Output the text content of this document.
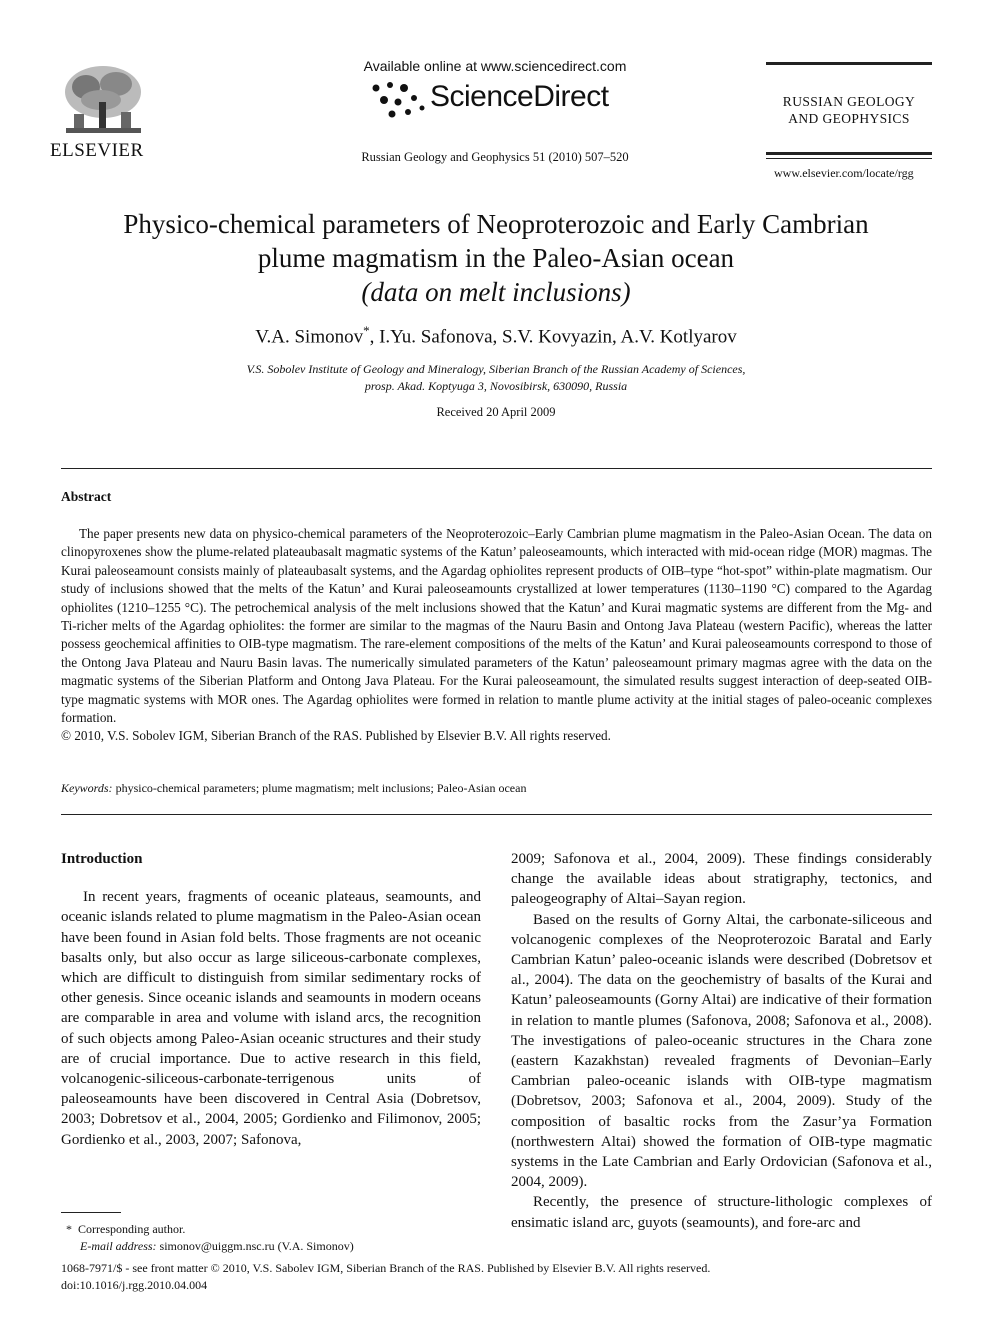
ELSEVIER
Available online at www.sciencedirect.com
ScienceDirect
Russian Geology and Geophysics 51 (2010) 507–520
RUSSIAN GEOLOGY
AND GEOPHYSICS
www.elsevier.com/locate/rgg
Physico-chemical parameters of Neoproterozoic and Early Cambrian
plume magmatism in the Paleo-Asian ocean
(data on melt inclusions)
V.A. Simonov*, I.Yu. Safonova, S.V. Kovyazin, A.V. Kotlyarov
V.S. Sobolev Institute of Geology and Mineralogy, Siberian Branch of the Russian Academy of Sciences,
prosp. Akad. Koptyuga 3, Novosibirsk, 630090, Russia
Received 20 April 2009
Abstract
The paper presents new data on physico-chemical parameters of the Neoproterozoic–Early Cambrian plume magmatism in the Paleo-Asian Ocean. The data on clinopyroxenes show the plume-related plateaubasalt magmatic systems of the Katun’ paleoseamounts, which interacted with mid-ocean ridge (MOR) magmas. The Kurai paleoseamount consists mainly of plateaubasalt systems, and the Agardag ophiolites represent products of OIB–type “hot-spot” within-plate magmatism. Our study of inclusions showed that the melts of the Katun’ and Kurai paleoseamounts crystallized at lower temperatures (1130–1190 °C) compared to the Agardag ophiolites (1210–1255 °C). The petrochemical analysis of the melt inclusions showed that the Katun’ and Kurai magmatic systems are different from the Mg- and Ti-richer melts of the Agardag ophiolites: the former are similar to the magmas of the Nauru Basin and Ontong Java Plateau (western Pacific), whereas the latter possess geochemical affinities to OIB-type magmatism. The rare-element compositions of the melts of the Katun’ and Kurai paleoseamounts correspond to those of the Ontong Java Plateau and Nauru Basin lavas. The numerically simulated parameters of the Katun’ paleoseamount primary magmas agree with the data on the magmatic systems of the Siberian Platform and Ontong Java Plateau. For the Kurai paleoseamount, the simulated results suggest interaction of deep-seated OIB-type magmatic systems with MOR ones. The Agardag ophiolites were formed in relation to mantle plume activity at the initial stages of paleo-oceanic complexes formation.
© 2010, V.S. Sobolev IGM, Siberian Branch of the RAS. Published by Elsevier B.V. All rights reserved.
Keywords: physico-chemical parameters; plume magmatism; melt inclusions; Paleo-Asian ocean
Introduction

In recent years, fragments of oceanic plateaus, seamounts, and oceanic islands related to plume magmatism in the Paleo-Asian ocean have been found in Asian fold belts. Those fragments are not oceanic basalts only, but also occur as large siliceous-carbonate complexes, which are difficult to distinguish from similar sedimentary rocks of other genesis. Since oceanic islands and seamounts in modern oceans are comparable in area and volume with island arcs, the recognition of such objects among Paleo-Asian oceanic structures and their study are of crucial importance. Due to active research in this field, volcanogenic-siliceous-carbonate-terrigenous units of paleoseamounts have been discovered in Central Asia (Dobretsov, 2003; Dobretsov et al., 2004, 2005; Gordienko and Filimonov, 2005; Gordienko et al., 2003, 2007; Safonova,

2009; Safonova et al., 2004, 2009). These findings considerably change the available ideas about stratigraphy, tectonics, and paleogeography of Altai–Sayan region.

Based on the results of Gorny Altai, the carbonate-siliceous and volcanogenic complexes of the Neoproterozoic Baratal and Early Cambrian Katun’ paleo-oceanic islands were described (Dobretsov et al., 2004). The data on the geochemistry of basalts of the Kurai and Katun’ paleoseamounts (Gorny Altai) are indicative of their formation in relation to mantle plumes (Safonova, 2008; Safonova et al., 2008). The investigations of paleo-oceanic structures in the Chara zone (eastern Kazakhstan) revealed fragments of Devonian–Early Cambrian paleo-oceanic islands with OIB-type magmatism (Dobretsov, 2003; Safonova et al., 2004, 2009). Study of the composition of basaltic rocks from the Zasur’ya Formation (northwestern Altai) showed the formation of OIB-type magmatic systems in the Late Cambrian and Early Ordovician (Safonova et al., 2004, 2009).

Recently, the presence of structure-lithologic complexes of ensimatic island arc, guyots (seamounts), and fore-arc and

* Corresponding author.
E-mail address: simonov@uiggm.nsc.ru (V.A. Simonov)
1068-7971/$ - see front matter © 2010, V.S. Sabolev IGM, Siberian Branch of the RAS. Published by Elsevier B.V. All rights reserved.
doi:10.1016/j.rgg.2010.04.004
